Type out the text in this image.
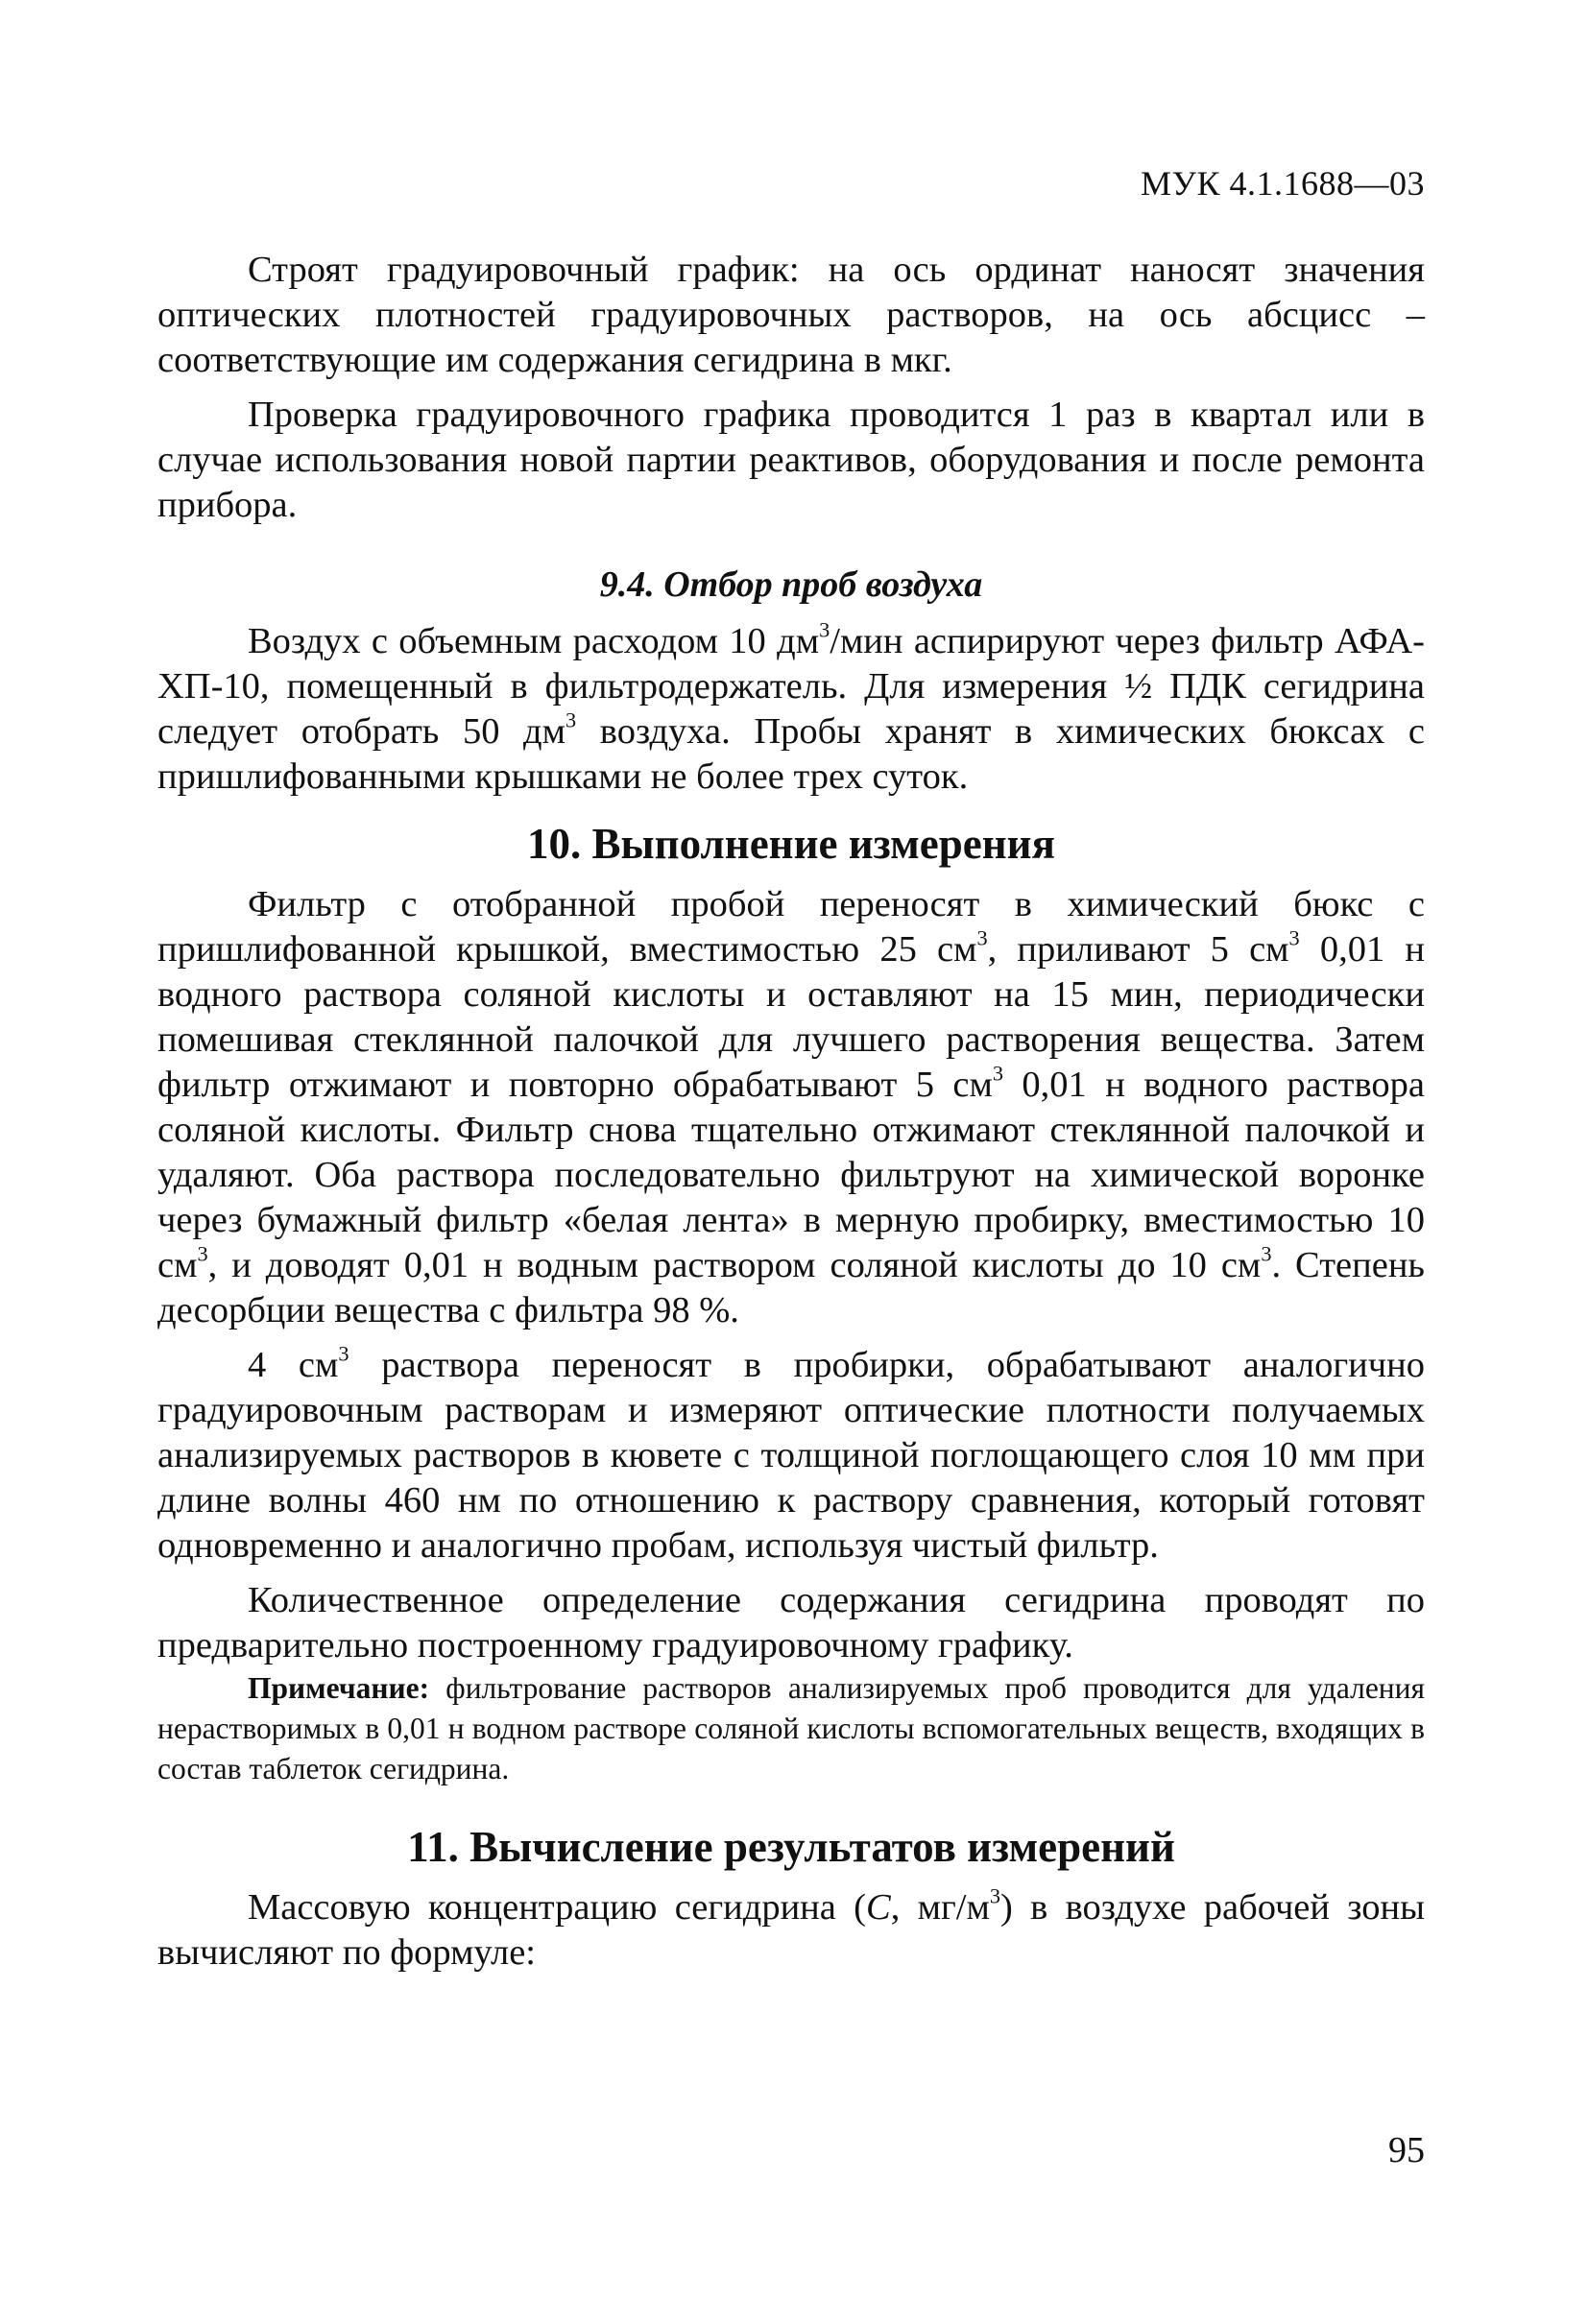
МУК 4.1.1688—03

Строят градуировочный график: на ось ординат наносят значения оптических плотностей градуировочных растворов, на ось абсцисс – соответствующие им содержания сегидрина в мкг.

Проверка градуировочного графика проводится 1 раз в квартал или в случае использования новой партии реактивов, оборудования и после ремонта прибора.

9.4. Отбор проб воздуха

Воздух с объемным расходом 10 $дм^3$/мин аспирируют через фильтр АФА-ХП-10, помещенный в фильтродержатель. Для измерения ½ ПДК сегидрина следует отобрать 50 $дм^3$ воздуха. Пробы хранят в химических бюксах с пришлифованными крышками не более трех суток.

10. Выполнение измерения

Фильтр с отобранной пробой переносят в химический бюкс с пришлифованной крышкой, вместимостью 25 $см^3$, приливают 5 $см^3$ 0,01 н водного раствора соляной кислоты и оставляют на 15 мин, периодически помешивая стеклянной палочкой для лучшего растворения вещества. Затем фильтр отжимают и повторно обрабатывают 5 $см^3$ 0,01 н водного раствора соляной кислоты. Фильтр снова тщательно отжимают стеклянной палочкой и удаляют. Оба раствора последовательно фильтруют на химической воронке через бумажный фильтр «белая лента» в мерную пробирку, вместимостью 10 $см^3$, и доводят 0,01 н водным раствором соляной кислоты до 10 $см^3$. Степень десорбции вещества с фильтра 98 %.

4 $см^3$ раствора переносят в пробирки, обрабатывают аналогично градуировочным растворам и измеряют оптические плотности получаемых анализируемых растворов в кювете с толщиной поглощающего слоя 10 мм при длине волны 460 нм по отношению к раствору сравнения, который готовят одновременно и аналогично пробам, используя чистый фильтр.

Количественное определение содержания сегидрина проводят по предварительно построенному градуировочному графику.

Примечание: фильтрование растворов анализируемых проб проводится для удаления нерастворимых в 0,01 н водном растворе соляной кислоты вспомогательных веществ, входящих в состав таблеток сегидрина.

11. Вычисление результатов измерений

Массовую концентрацию сегидрина (С, $мг/м^3$) в воздухе рабочей зоны вычисляют по формуле:

95
